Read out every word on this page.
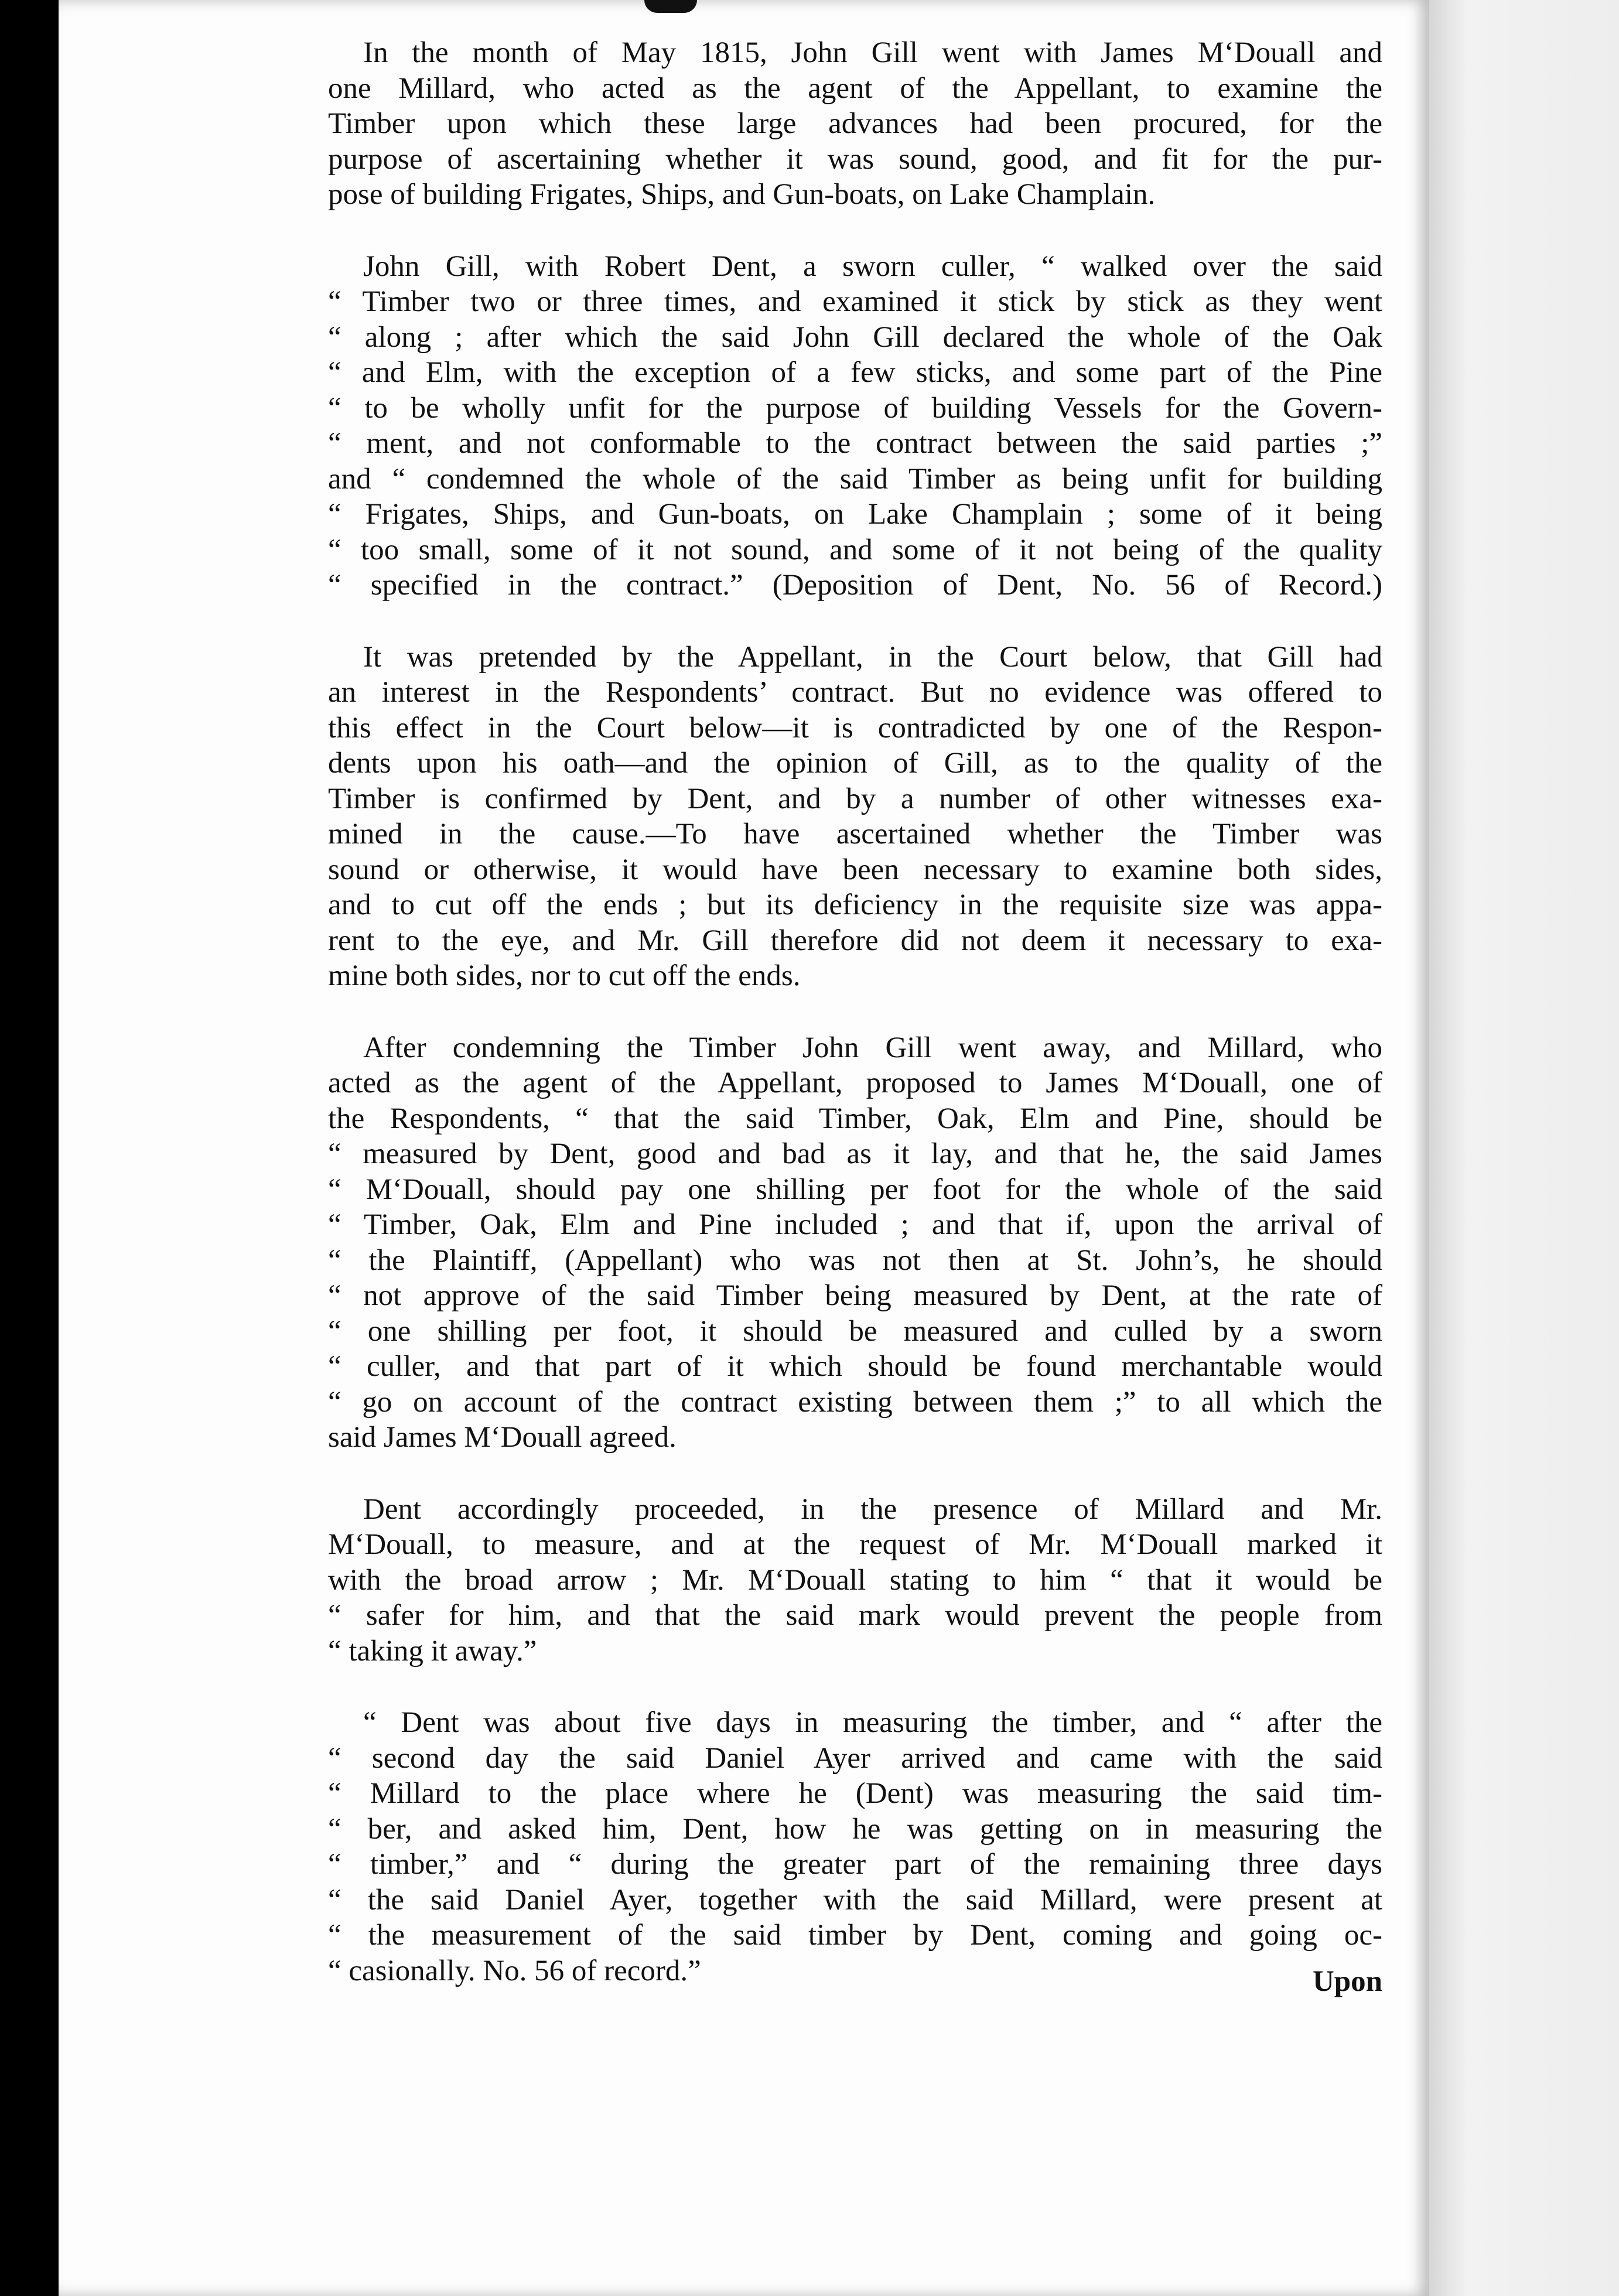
In the month of May 1815, John Gill went with James M‘Douall and
one Millard, who acted as the agent of the Appellant, to examine the
Timber upon which these large advances had been procured, for the
purpose of ascertaining whether it was sound, good, and fit for the pur-
pose of building Frigates, Ships, and Gun-boats, on Lake Champlain.
John Gill, with Robert Dent, a sworn culler, “ walked over the said
“ Timber two or three times, and examined it stick by stick as they went
“ along ; after which the said John Gill declared the whole of the Oak
“ and Elm, with the exception of a few sticks, and some part of the Pine
“ to be wholly unfit for the purpose of building Vessels for the Govern-
“ ment, and not conformable to the contract between the said parties ;”
and “ condemned the whole of the said Timber as being unfit for building
“ Frigates, Ships, and Gun-boats, on Lake Champlain ; some of it being
“ too small, some of it not sound, and some of it not being of the quality
“ specified in the contract.” (Deposition of Dent, No. 56 of Record.)
It was pretended by the Appellant, in the Court below, that Gill had
an interest in the Respondents’ contract. But no evidence was offered to
this effect in the Court below—it is contradicted by one of the Respon-
dents upon his oath—and the opinion of Gill, as to the quality of the
Timber is confirmed by Dent, and by a number of other witnesses exa-
mined in the cause.—To have ascertained whether the Timber was
sound or otherwise, it would have been necessary to examine both sides,
and to cut off the ends ; but its deficiency in the requisite size was appa-
rent to the eye, and Mr. Gill therefore did not deem it necessary to exa-
mine both sides, nor to cut off the ends.
After condemning the Timber John Gill went away, and Millard, who
acted as the agent of the Appellant, proposed to James M‘Douall, one of
the Respondents, “ that the said Timber, Oak, Elm and Pine, should be
“ measured by Dent, good and bad as it lay, and that he, the said James
“ M‘Douall, should pay one shilling per foot for the whole of the said
“ Timber, Oak, Elm and Pine included ; and that if, upon the arrival of
“ the Plaintiff, (Appellant) who was not then at St. John’s, he should
“ not approve of the said Timber being measured by Dent, at the rate of
“ one shilling per foot, it should be measured and culled by a sworn
“ culler, and that part of it which should be found merchantable would
“ go on account of the contract existing between them ;” to all which the
said James M‘Douall agreed.
Dent accordingly proceeded, in the presence of Millard and Mr.
M‘Douall, to measure, and at the request of Mr. M‘Douall marked it
with the broad arrow ; Mr. M‘Douall stating to him “ that it would be
“ safer for him, and that the said mark would prevent the people from
“ taking it away.”
“ Dent was about five days in measuring the timber, and “ after the
“ second day the said Daniel Ayer arrived and came with the said
“ Millard to the place where he (Dent) was measuring the said tim-
“ ber, and asked him, Dent, how he was getting on in measuring the
“ timber,” and “ during the greater part of the remaining three days
“ the said Daniel Ayer, together with the said Millard, were present at
“ the measurement of the said timber by Dent, coming and going oc-
“ casionally. No. 56 of record.”	Upon
